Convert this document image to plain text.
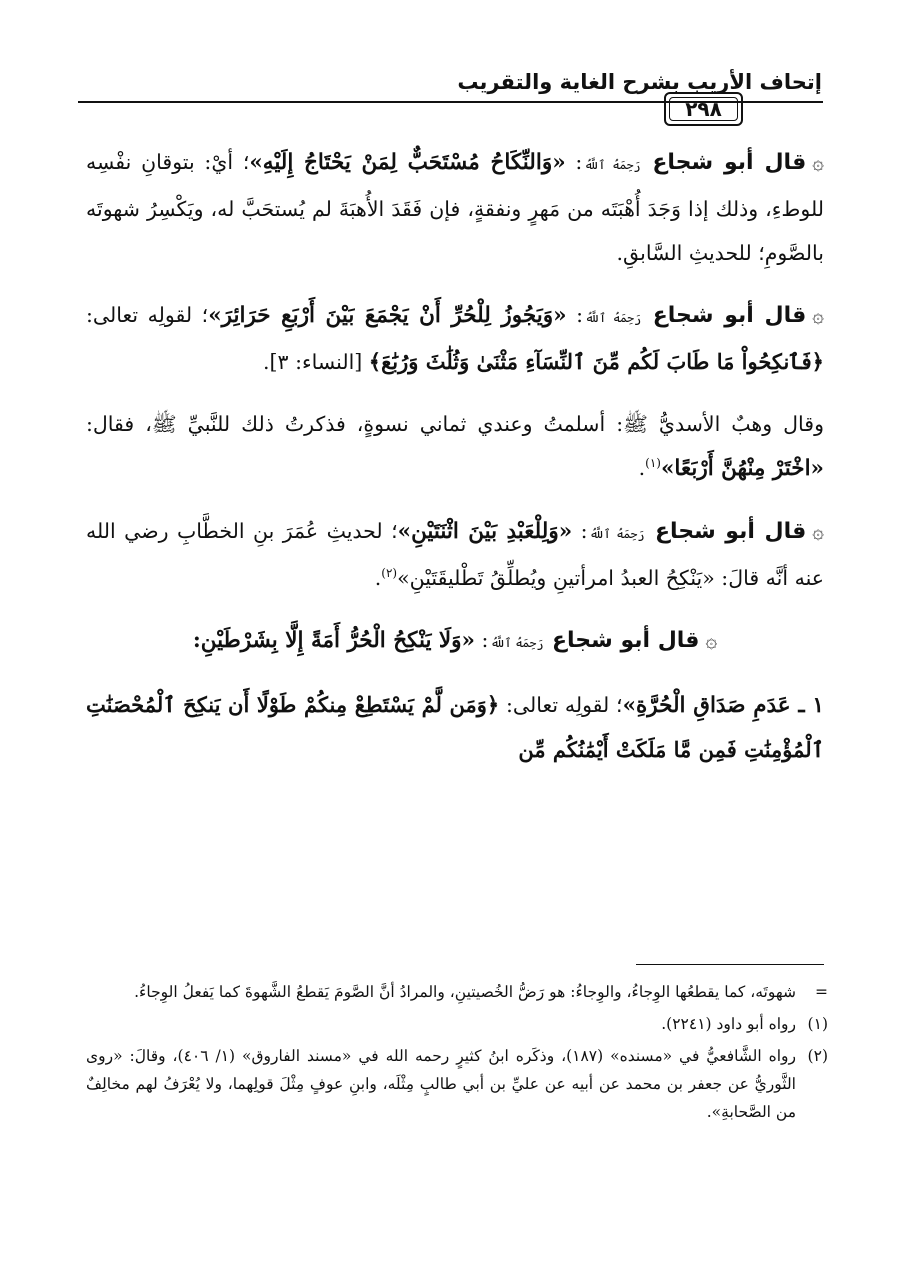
إتحاف الأريب بشرح الغاية والتقريب
٢٩٨

۞قال أبو شجاع رَحِمَهُ ٱللَّهُ: «وَالنِّكَاحُ مُسْتَحَبٌّ لِمَنْ يَحْتَاجُ إِلَيْهِ»؛ أيْ: بتوقانِ نفْسِه للوطءِ، وذلك إذا وَجَدَ أُهْبَتَه من مَهرٍ ونفقةٍ، فإن فَقَدَ الأُهبَةَ لم يُستحَبَّ له، ويَكْسِرُ شهوتَه بالصَّومِ؛ للحديثِ السَّابقِ.

۞قال أبو شجاع رَحِمَهُ ٱللَّهُ: «وَيَجُوزُ لِلْحُرِّ أَنْ يَجْمَعَ بَيْنَ أَرْبَعِ حَرَائِرَ»؛ لقولِه تعالى: ﴿فَٱنكِحُواْ مَا طَابَ لَكُم مِّنَ ٱلنِّسَآءِ مَثْنَىٰ وَثُلَٰثَ وَرُبَٰعَ﴾ [النساء: ٣].

وقال وهبٌ الأسديُّ ﷺ: أسلمتُ وعندي ثماني نسوةٍ، فذكرتُ ذلك للنَّبيِّ ﷺ، فقال: «اخْتَرْ مِنْهُنَّ أَرْبَعًا»$^{(١)}$.

۞قال أبو شجاع رَحِمَهُ ٱللَّهُ: «وَلِلْعَبْدِ بَيْنَ اثْنَتَيْنِ»؛ لحديثِ عُمَرَ بنِ الخطَّابِ رضي الله عنه أنَّه قالَ: «يَنْكِحُ العبدُ امرأتينِ ويُطلِّقُ تَطْليقَتَيْنِ»$^{(٢)}$.

۞قال أبو شجاع رَحِمَهُ ٱللَّهُ: «وَلَا يَنْكِحُ الْحُرُّ أَمَةً إِلَّا بِشَرْطَيْنِ:

١ ـ عَدَمِ صَدَاقِ الْحُرَّةِ»؛ لقولِه تعالى: ﴿وَمَن لَّمْ يَسْتَطِعْ مِنكُمْ طَوْلًا أَن يَنكِحَ ٱلْمُحْصَنَٰتِ ٱلْمُؤْمِنَٰتِ فَمِن مَّا مَلَكَتْ أَيْمَٰنُكُم مِّن

=
شهوتَه، كما يقطعُها الوِجاءُ، والوِجاءُ: هو رَضُّ الخُصيتينِ، والمرادُ أنَّ الصَّومَ يَقطعُ الشَّهوةَ كما يَفعلُ الوِجاءُ.
(١)
رواه أبو داود (٢٢٤١).
(٢)
رواه الشَّافعيُّ في «مسنده» (١٨٧)، وذكَره ابنُ كثيرٍ رحمه الله في «مسند الفاروق» (١/ ٤٠٦)، وقالَ: «روى الثَّوريُّ عن جعفر بن محمد عن أبيه عن عليِّ بن أبي طالبٍ مِثْلَه، وابنِ عوفٍ مِثْلَ قولِهما، ولا يُعْرَفُ لهم مخالِفٌ من الصَّحابةِ».
